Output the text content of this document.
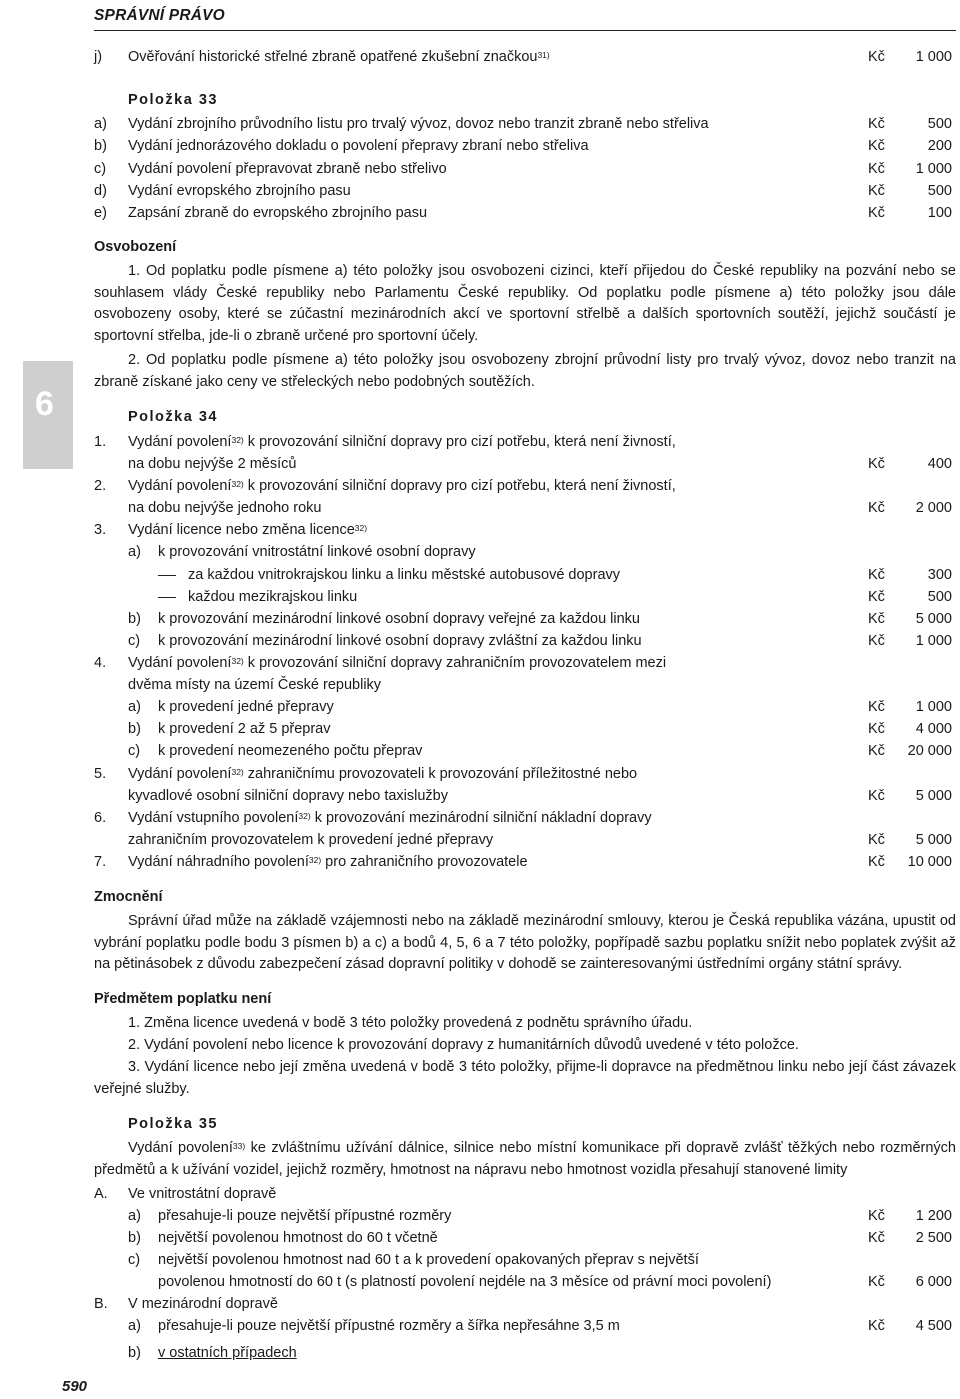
SPRÁVNÍ PRÁVO
6
j) Ověřování historické střelné zbraně opatřené zkušební značkou$^{31)}$	Kč 1 000
Položka 33
a) Vydání zbrojního průvodního listu pro trvalý vývoz, dovoz nebo tranzit zbraně nebo střeliva	Kč	500
b) Vydání jednorázového dokladu o povolení přepravy zbraní nebo střeliva	Kč	200
c) Vydání povolení přepravovat zbraně nebo střelivo	Kč 1 000
d) Vydání evropského zbrojního pasu	Kč	500
e) Zapsání zbraně do evropského zbrojního pasu	Kč	100
Osvobození
1. Od poplatku podle písmene a) této položky jsou osvobozeni cizinci, kteří přijedou do České republiky na pozvání nebo se souhlasem vlády České republiky nebo Parlamentu České republiky. Od poplatku podle písmene a) této položky jsou dále osvobozeny osoby, které se zúčastní mezinárodních akcí ve sportovní střelbě a dalších sportovních soutěží, jejichž součástí je sportovní střelba, jde-li o zbraně určené pro sportovní účely.
2. Od poplatku podle písmene a) této položky jsou osvobozeny zbrojní průvodní listy pro trvalý vývoz, dovoz nebo tranzit na zbraně získané jako ceny ve střeleckých nebo podobných soutěžích.
Položka 34
1. Vydání povolení$^{32)}$ k provozování silniční dopravy pro cizí potřebu, která není živností,
na dobu nejvýše 2 měsíců	Kč	400
2. Vydání povolení$^{32)}$ k provozování silniční dopravy pro cizí potřebu, která není živností,
na dobu nejvýše jednoho roku	Kč 2 000
3. Vydání licence nebo změna licence$^{32)}$
a) k provozování vnitrostátní linkové osobní dopravy
za každou vnitrokrajskou linku a linku městské autobusové dopravy	Kč	300
každou mezikrajskou linku	Kč	500
b) k provozování mezinárodní linkové osobní dopravy veřejné za každou linku	Kč 5 000
c) k provozování mezinárodní linkové osobní dopravy zvláštní za každou linku	Kč 1 000
4. Vydání povolení$^{32)}$ k provozování silniční dopravy zahraničním provozovatelem mezi
dvěma místy na území České republiky
a) k provedení jedné přepravy	Kč 1 000
b) k provedení 2 až 5 přeprav	Kč 4 000
c) k provedení neomezeného počtu přeprav	Kč 20 000
5. Vydání povolení$^{32)}$ zahraničnímu provozovateli k provozování příležitostné nebo
kyvadlové osobní silniční dopravy nebo taxislužby	Kč 5 000
6. Vydání vstupního povolení$^{32)}$ k provozování mezinárodní silniční nákladní dopravy
zahraničním provozovatelem k provedení jedné přepravy	Kč 5 000
7. Vydání náhradního povolení$^{32)}$ pro zahraničního provozovatele	Kč 10 000
Zmocnění
Správní úřad může na základě vzájemnosti nebo na základě mezinárodní smlouvy, kterou je Česká republika vázána, upustit od vybrání poplatku podle bodu 3 písmen b) a c) a bodů 4, 5, 6 a 7 této položky, popřípadě sazbu poplatku snížit nebo poplatek zvýšit až na pětinásobek z důvodu zabezpečení zásad dopravní politiky v dohodě se zainteresovanými ústředními orgány státní správy.
Předmětem poplatku není
1. Změna licence uvedená v bodě 3 této položky provedená z podnětu správního úřadu.
2. Vydání povolení nebo licence k provozování dopravy z humanitárních důvodů uvedené v této položce.
3. Vydání licence nebo její změna uvedená v bodě 3 této položky, přijme-li dopravce na předmětnou linku nebo její část závazek veřejné služby.
Položka 35
Vydání povolení$^{33)}$ ke zvláštnímu užívání dálnice, silnice nebo místní komunikace při dopravě zvlášť těžkých nebo rozměrných předmětů a k užívání vozidel, jejichž rozměry, hmotnost na nápravu nebo hmotnost vozidla přesahují stanovené limity
A. Ve vnitrostátní dopravě
a) přesahuje-li pouze největší přípustné rozměry	Kč 1 200
b) největší povolenou hmotnost do 60 t včetně	Kč 2 500
c) největší povolenou hmotnost nad 60 t a k provedení opakovaných přeprav s největší
povolenou hmotností do 60 t (s platností povolení nejdéle na 3 měsíce od právní moci povolení)	Kč 6 000
B. V mezinárodní dopravě
a) přesahuje-li pouze největší přípustné rozměry a šířka nepřesáhne 3,5 m	Kč 4 500
b) v ostatních případech
590
